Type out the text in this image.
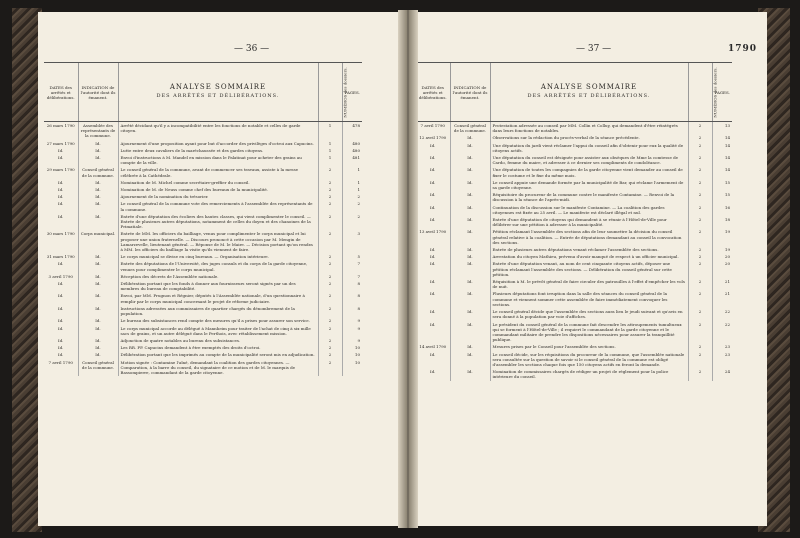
— 36 —
DATES des arrêtés et délibérations.	INDICATION de l'autorité dont ils émanent.	ANALYSE SOMMAIRE
DES ARRÊTÉS ET DÉLIBÉRATIONS.	NUMÉROS des dossiers.	PAGES.
26 mars 1790	Assemblée des représentants de la commune.	Arrêté décidant qu'il y a incompatibilité entre les fonctions de notable et celles de garde citoyen.	1	478
27 mars 1790	Id.	Ajournement d'une proposition ayant pour but d'accorder des privilèges d'octroi aux Capucins.	1	480
Id.	Id.	Lutte entre deux cavaliers de la maréchaussée et des gardes citoyens.	1	480
Id.	Id.	Envoi d'instructions à M. Mandel en mission dans le Palatinat pour acheter des grains au compte de la ville.	1	481
29 mars 1790	Conseil général de la commune.	Le conseil général de la commune, avant de commencer ses travaux, assiste à la messe célébrée à la Cathédrale.	2	1
Id.	Id.	Nomination de M. Michel comme secrétaire-greffier du conseil.	2	1
Id.	Id.	Nomination de M. de Neuss comme chef des bureaux de la municipalité.	2	1
Id.	Id.	Ajournement de la nomination du trésorier.	2	2
Id.	Id.	Le conseil général de la commune vote des remerciements à l'assemblée des représentants de la commune.	2	2
Id.	Id.	Entrée d'une députation des écoliers des hautes classes, qui vient complimenter le conseil. — Entrée de plusieurs autres députations, notamment de celles du doyen et des chanoines de la Primatiale.	2	2
30 mars 1790	Corps municipal.	Entrée de MM. les officiers du bailliage, venus pour complimenter le corps municipal et lui proposer une union fraternelle. — Discours prononcé à cette occasion par M. Mengin de Lamarzevelle, lieutenant général. — Réponse de M. le Maire. — Décision portant qu'on rendra à MM. les officiers du bailliage la visite qu'ils viennent de faire.	2	3
31 mars 1790	Id.	Le corps municipal se divise en cinq bureaux. — Organisation intérieure.	2	5
Id.	Id.	Entrée des députations de l'Université, des juges consuls et du corps de la garde citoyenne, venues pour complimenter le corps municipal.	2	7
3 avril 1790	Id.	Réception des décrets de l'Assemblée nationale.	2	7
Id.	Id.	Délibération portant que les fonds à donner aux fournisseurs seront signés par un des membres du bureau de comptabilité.	2	8
Id.	Id.	Envoi, par MM. Prugnon et Régnier, députés à l'Assemblée nationale, d'un questionnaire à remplir par le corps municipal concernant le projet de réforme judiciaire.	2	8
Id.	Id.	Instructions adressées aux commissaires de quartier chargés du dénombrement de la population.	2	8
Id.	Id.	Le bureau des subsistances rend compte des mesures qu'il a prises pour assurer son service.	2	9
Id.	Id.	Le corps municipal accorde au délégué à Mannheim pour traiter de l'achat de cinq à six mille sacs de grains, et un autre délégué dans le Perthois, avec rétablissement mission.	2	9
Id.	Id.	Adjonction de quatre notables au bureau des subsistances.	2	9
Id.	Id.	Les RR. PP. Capucins demandent à être exemptés des droits d'octroi.	2	10
Id.	Id.	Délibération portant que les imprimés au compte de la municipalité seront mis en adjudication.	2	10
7 avril 1790	Conseil général de la commune.	Motion signée : Contamine l'aîné, demandant la coalition des gardes citoyennes. — Comparution, à la barre du conseil, du signataire de ce motion et de M. le marquis de Bassompierre, commandant de la garde citoyenne.	2	10
— 37 —	1790
DATES des arrêtés et délibérations.	INDICATION de l'autorité dont ils émanent.	ANALYSE SOMMAIRE
DES ARRÊTÉS ET DÉLIBÉRATIONS.	NUMÉROS des dossiers.	PAGES.
7 avril 1790	Conseil général de la commune.	Protestation adressée au conseil par MM. Collin et Colluy, qui demandent d'être réintégrés dans leurs fonctions de notables.	2	13
12 avril 1790	Id.	Observations sur la rédaction du procès-verbal de la séance précédente.	2	14
Id.	Id.	Une députation du jardi vient réclamer l'appui du conseil afin d'obtenir pour eux la qualité de citoyens actifs.	2	14
Id.	Id.	Une députation du conseil est désignée pour assister aux obsèques de Mme la comtesse de Cardo, femme du maire, et adresser à ce dernier ses compliments de condoléance.	2	14
Id.	Id.	Une députation de toutes les compagnies de la garde citoyenne vient demander au conseil de fixer le costume et le fixe du même mois.	2	14
Id.	Id.	Le conseil appuie une demande formée par la municipalité de Bar, qui réclame l'armement de sa garde citoyenne.	2	15
Id.	Id.	Réquisitoire du procureur de la commune contre le manifeste Contamine. — Renvoi de la discussion à la séance de l'après-midi.	2	15
Id.	Id.	Continuation de la discussion sur le manifeste Contamine. — La coalition des gardes citoyennes est fixée au 25 avril. — Le manifeste est déclaré illégal et nul.	2	16
Id.	Id.	Entrée d'une députation de citoyens qui demandent à se réunir à l'Hôtel-de-Ville pour délibérer sur une pétition à adresser à la municipalité.	2	18
13 avril 1790	Id.	Pétition réclamant l'assemblée des sections afin de leur soumettre la décision du conseil général relative à la coalition. — Entrée de députations demandant au conseil la convocation des sections.	2	19
Id.	Id.	Entrée de plusieurs autres députations venant réclamer l'assemblée des sections.	2	19
Id.	Id.	Arrestation du citoyen Mathieu, prévenu d'avoir manqué de respect à un officier municipal.	2	20
Id.	Id.	Entrée d'une députation venant, au nom de cent cinquante citoyens actifs, déposer une pétition réclamant l'assemblée des sections. — Délibération du conseil général sur cette pétition.	2	20
Id.	Id.	Réquisition à M. le prévôt général de faire circuler des patrouilles à l'effet d'empêcher les vols de nuit.	2	21
Id.	Id.	Plusieurs députations font irruption dans la salle des séances du conseil général de la commune et viennent sommer cette assemblée de faire immédiatement convoquer les sections.	2	21
Id.	Id.	Le conseil général décide que l'assemblée des sections aura lieu le jeudi suivant et qu'avis en sera donné à la population par voie d'affiches.	2	22
Id.	Id.	Le président du conseil général de la commune fait descendre les attroupements tumultueux qui se forment à l'Hôtel-de-Ville ; il requiert le commandant de la garde citoyenne et le commandant militaire de prendre les dispositions nécessaires pour assurer la tranquillité publique.	2	22
14 avril 1790	Id.	Mesures prises par le Conseil pour l'assemblée des sections.	2	23
Id.	Id.	Le conseil décide, sur les réquisitions du procureur de la commune, que l'assemblée nationale sera consultée sur la question de savoir si le conseil général de la commune est obligé d'assembler les sections chaque fois que 150 citoyens actifs en feront la demande.	2	23
Id.	Id.	Nomination de commissaires chargés de rédiger un projet de règlement pour la police intérieure du conseil.	2	24
